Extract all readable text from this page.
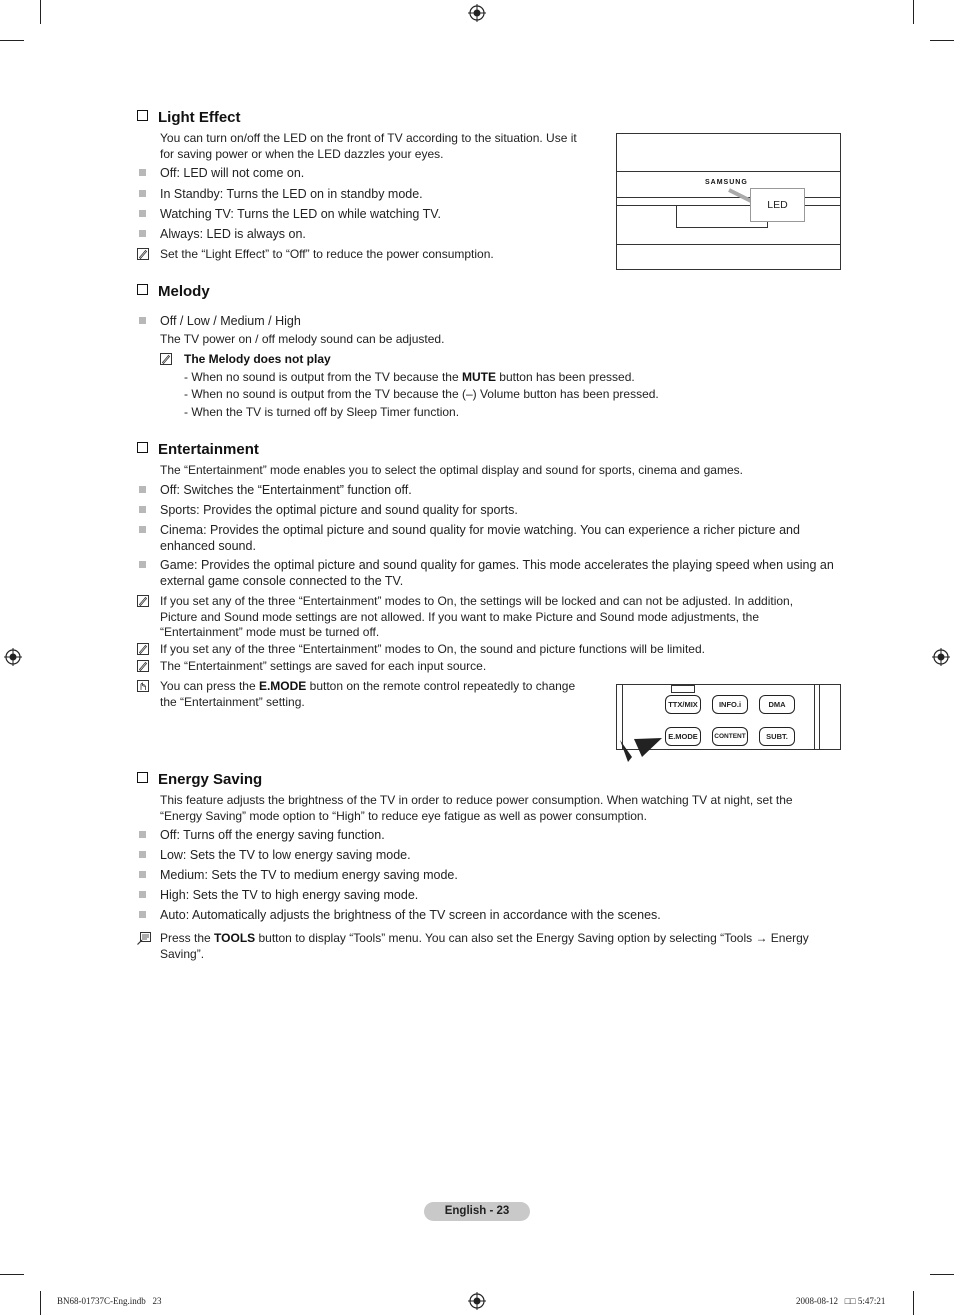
Light Effect
You can turn on/off the LED on the front of TV according to the situation. Use it for saving power or when the LED dazzles your eyes.
Off: LED will not come on.
In Standby: Turns the LED on in standby mode.
Watching TV: Turns the LED on while watching TV.
Always: LED is always on.
Set the “Light Effect” to “Off” to reduce the power consumption.
SAMSUNG
LED
Melody
Off / Low / Medium / High
The TV power on / off melody sound can be adjusted.
The Melody does not play
- When no sound is output from the TV because the MUTE button has been pressed.
- When no sound is output from the TV because the (–) Volume button has been pressed.
- When the TV is turned off by Sleep Timer function.
Entertainment
The “Entertainment” mode enables you to select the optimal display and sound for sports, cinema and games.
Off: Switches the “Entertainment” function off.
Sports: Provides the optimal picture and sound quality for sports.
Cinema: Provides the optimal picture and sound quality for movie watching. You can experience a richer picture and enhanced sound.
Game: Provides the optimal picture and sound quality for games. This mode accelerates the playing speed when using an external game console connected to the TV.
If you set any of the three “Entertainment” modes to On, the settings will be locked and can not be adjusted. In addition, Picture and Sound mode settings are not allowed. If you want to make Picture and Sound mode adjustments, the “Entertainment” mode must be turned off.
If you set any of the three “Entertainment” modes to On, the sound and picture functions will be limited.
The “Entertainment” settings are saved for each input source.
You can press the E.MODE button on the remote control repeatedly to change the “Entertainment” setting.	TTX/MIX	INFO.i	DMA
E.MODE	CONTENT	SUBT.
Energy Saving
This feature adjusts the brightness of the TV in order to reduce power consumption. When watching TV at night, set the “Energy Saving” mode option to “High” to reduce eye fatigue as well as power consumption.
Off: Turns off the energy saving function.
Low: Sets the TV to low energy saving mode.
Medium: Sets the TV to medium energy saving mode.
High: Sets the TV to high energy saving mode.
Auto: Automatically adjusts the brightness of the TV screen in accordance with the scenes.
Press the TOOLS button to display “Tools” menu. You can also set the Energy Saving option by selecting “Tools → Energy Saving”.
English - 23
BN68-01737C-Eng.indb   23	2008-08-12   □□ 5:47:21
